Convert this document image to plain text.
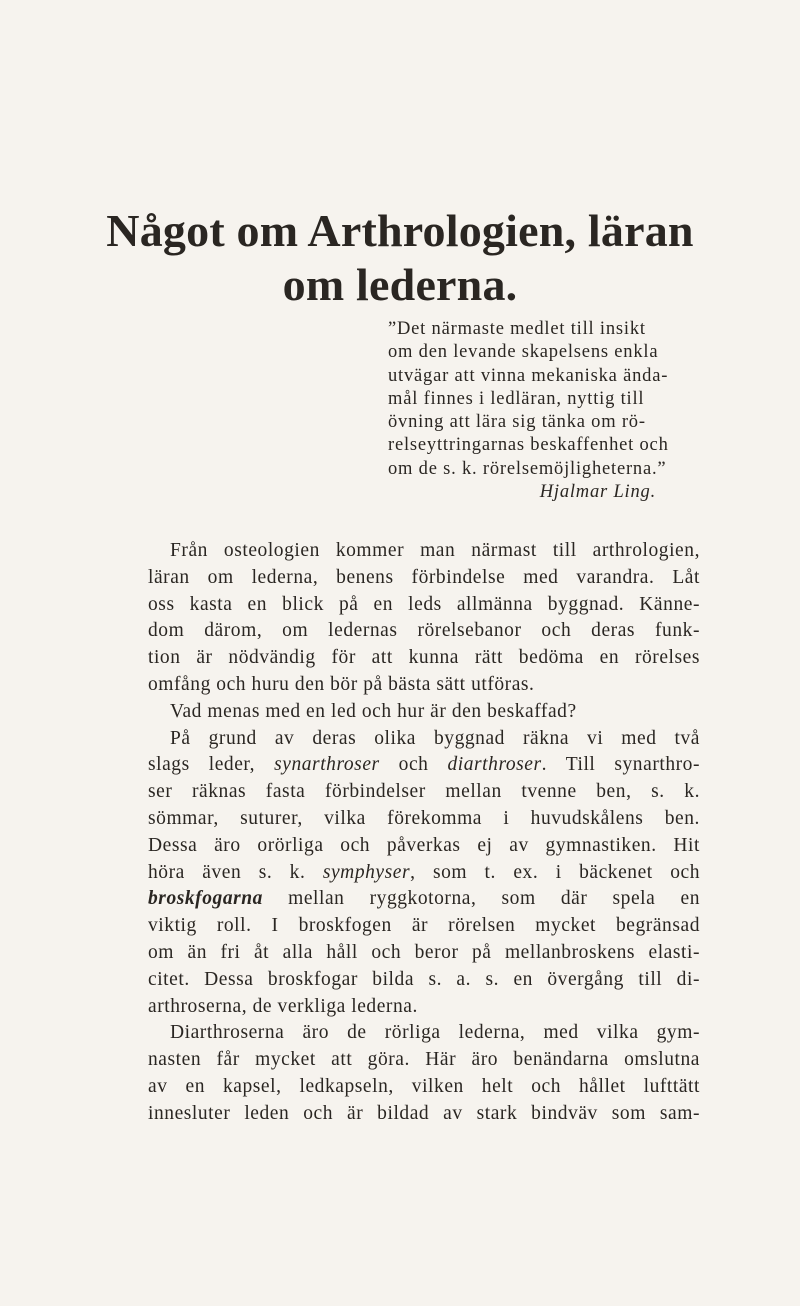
Något om Arthrologien, läran
om lederna.
”Det närmaste medlet till insikt
om den levande skapelsens enkla
utvägar att vinna mekaniska ända-
mål finnes i ledläran, nyttig till
övning att lära sig tänka om rö-
relseyttringarnas beskaffenhet och
om de s. k. rörelsemöjligheterna.”
Hjalmar Ling.
Från osteologien kommer man närmast till arthrologien,
läran om lederna, benens förbindelse med varandra. Låt
oss kasta en blick på en leds allmänna byggnad. Känne-
dom därom, om ledernas rörelsebanor och deras funk-
tion är nödvändig för att kunna rätt bedöma en rörelses
omfång och huru den bör på bästa sätt utföras.
Vad menas med en led och hur är den beskaffad?
På grund av deras olika byggnad räkna vi med två
slags leder, synarthroser och diarthroser. Till synarthro-
ser räknas fasta förbindelser mellan tvenne ben, s. k.
sömmar, suturer, vilka förekomma i huvudskålens ben.
Dessa äro orörliga och påverkas ej av gymnastiken. Hit
höra även s. k. symphyser, som t. ex. i bäckenet och
broskfogarna mellan ryggkotorna, som där spela en
viktig roll. I broskfogen är rörelsen mycket begränsad
om än fri åt alla håll och beror på mellanbroskens elasti-
citet. Dessa broskfogar bilda s. a. s. en övergång till di-
arthroserna, de verkliga lederna.
Diarthroserna äro de rörliga lederna, med vilka gym-
nasten får mycket att göra. Här äro benändarna omslutna
av en kapsel, ledkapseln, vilken helt och hållet lufttätt
innesluter leden och är bildad av stark bindväv som sam-
